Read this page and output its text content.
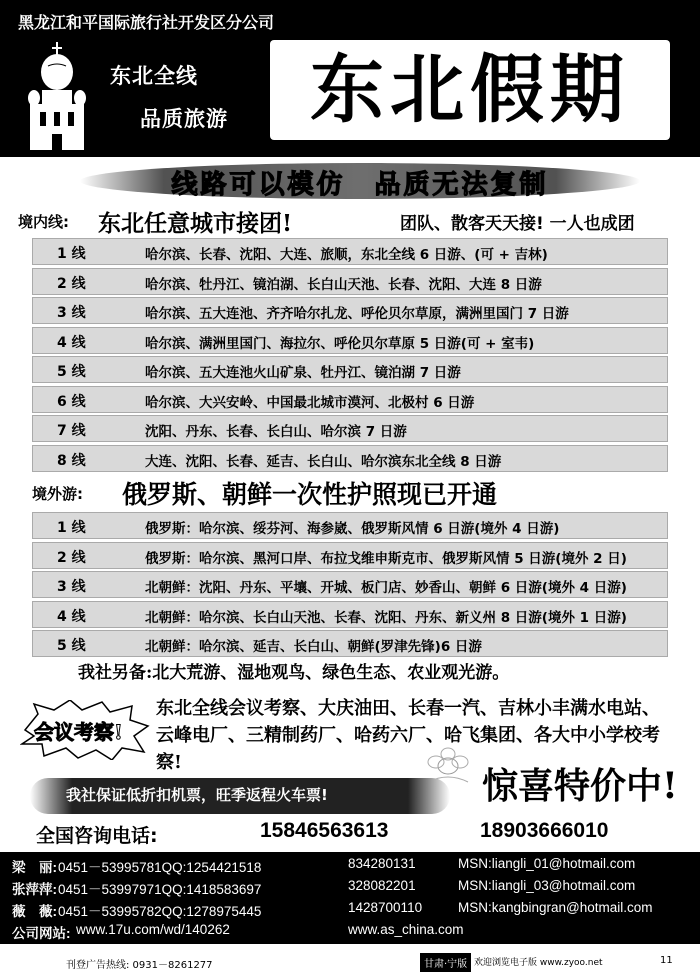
黑龙江和平国际旅行社开发区分公司
东北全线
品质旅游	东北假期
线路可以模仿　品质无法复制
境内线: 东北任意城市接团!	团队、散客天天接! 一人也成团
1 线	哈尔滨、长春、沈阳、大连、旅顺，东北全线 6 日游、(可 + 吉林)
2 线	哈尔滨、牡丹江、镜泊湖、长白山天池、长春、沈阳、大连 8 日游
3 线	哈尔滨、五大连池、齐齐哈尔扎龙、呼伦贝尔草原，满洲里国门 7 日游
4 线	哈尔滨、满洲里国门、海拉尔、呼伦贝尔草原 5 日游(可 + 室韦)
5 线	哈尔滨、五大连池火山矿泉、牡丹江、镜泊湖 7 日游
6 线	哈尔滨、大兴安岭、中国最北城市漠河、北极村 6 日游
7 线	沈阳、丹东、长春、长白山、哈尔滨 7 日游
8 线	大连、沈阳、长春、延吉、长白山、哈尔滨东北全线 8 日游
境外游: 俄罗斯、朝鲜一次性护照现已开通
1 线	俄罗斯：哈尔滨、绥芬河、海参崴、俄罗斯风情 6 日游(境外 4 日游)
2 线	俄罗斯：哈尔滨、黑河口岸、布拉戈维申斯克市、俄罗斯风情 5 日游(境外 2 日)
3 线	北朝鲜：沈阳、丹东、平壤、开城、板门店、妙香山、朝鲜 6 日游(境外 4 日游)
4 线	北朝鲜：哈尔滨、长白山天池、长春、沈阳、丹东、新义州 8 日游(境外 1 日游)
5 线	北朝鲜：哈尔滨、延吉、长白山、朝鲜(罗津先锋)6 日游
我社另备:北大荒游、湿地观鸟、绿色生态、农业观光游。
会议考察!
东北全线会议考察、大庆油田、长春一汽、吉林小丰满水电站、云峰电厂、三精制药厂、哈药六厂、哈飞集团、各大中小学校考察!
我社保证低折扣机票，旺季返程火车票!	惊喜特价中!
全国咨询电话:	15846563613	18903666010
梁　丽: 0451－53995781QQ:1254421518	834280131	MSN:liangli_01@hotmail.com
张萍萍: 0451－53997971QQ:1418583697	328082201	MSN:liangli_03@hotmail.com
薇　薇: 0451－53995782QQ:1278975445	1428700110	MSN:kangbingran@hotmail.com
公司网站: www.17u.com/wd/140262	www.as_china.com
刊登广告热线: 0931－8261277	甘肃·宁版 欢迎浏览电子版 www.zyoo.net	11
